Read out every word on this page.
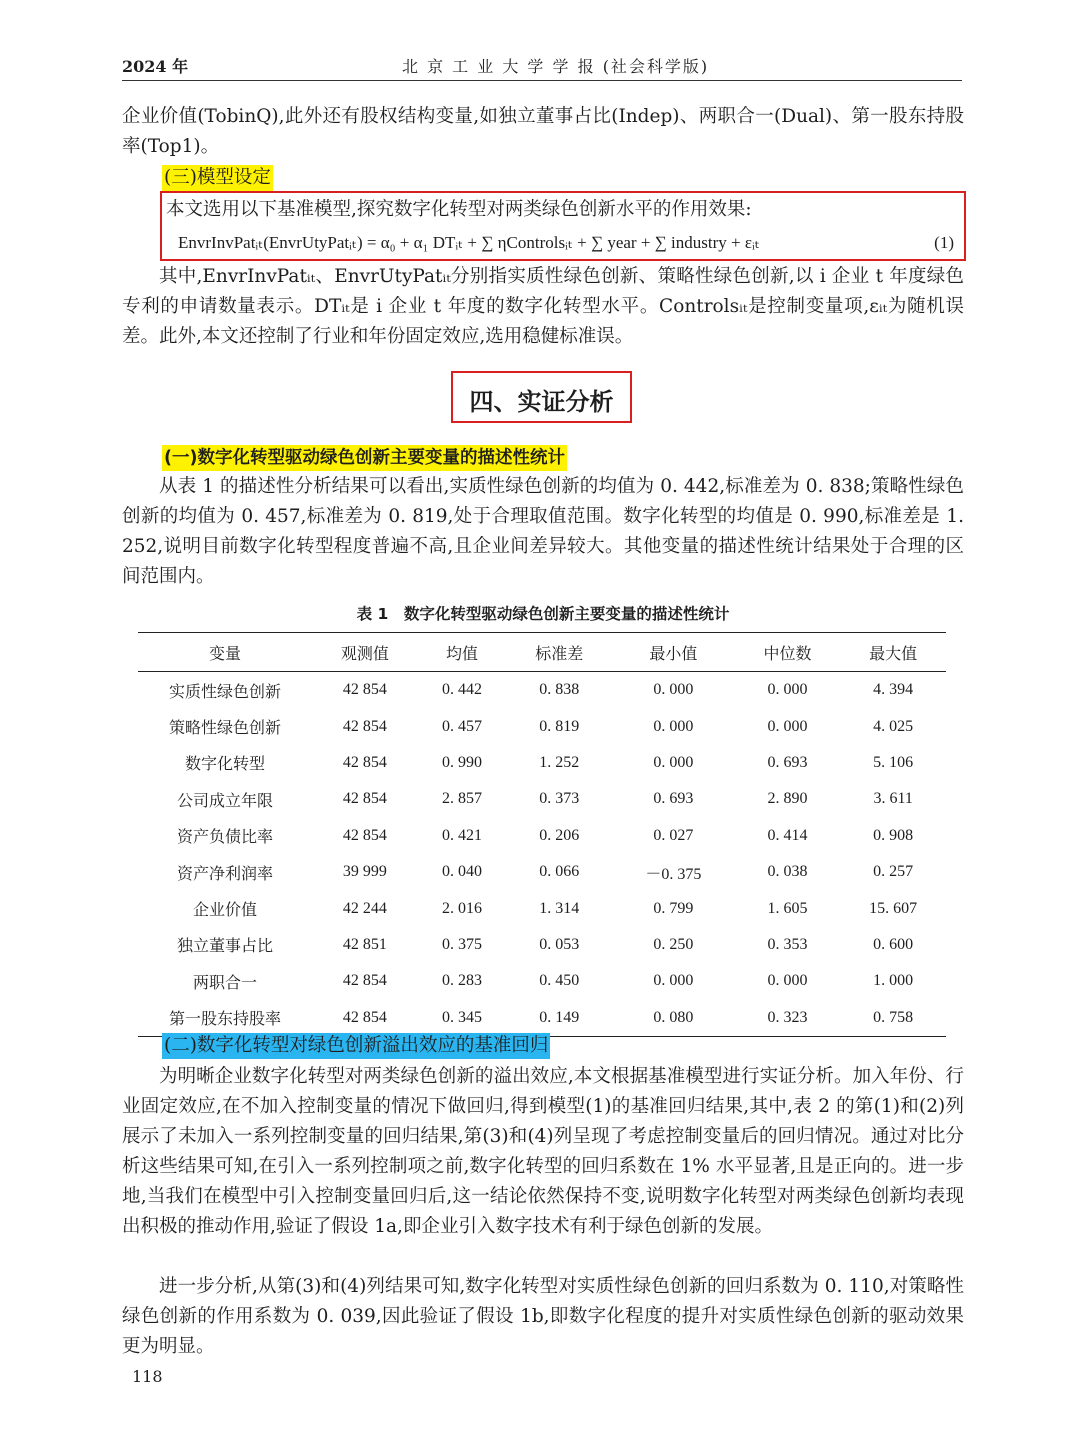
2024 年	北 京 工 业 大 学 学 报 (社会科学版)
企业价值(TobinQ),此外还有股权结构变量,如独立董事占比(Indep)、两职合一(Dual)、第一股东持股率(Top1)。
(三)模型设定
本文选用以下基准模型,探究数字化转型对两类绿色创新水平的作用效果:
EnvrInvPatᵢₜ(EnvrUtyPatᵢₜ) = α₀ + α₁ DTᵢₜ + ∑ ηControlsᵢₜ + ∑ year + ∑ industry + εᵢₜ	(1)
其中,EnvrInvPatᵢₜ、EnvrUtyPatᵢₜ分别指实质性绿色创新、策略性绿色创新,以 i 企业 t 年度绿色专利的申请数量表示。DTᵢₜ是 i 企业 t 年度的数字化转型水平。Controlsᵢₜ是控制变量项,εᵢₜ为随机误差。此外,本文还控制了行业和年份固定效应,选用稳健标准误。
四、实证分析
(一)数字化转型驱动绿色创新主要变量的描述性统计
从表 1 的描述性分析结果可以看出,实质性绿色创新的均值为 0. 442,标准差为 0. 838;策略性绿色创新的均值为 0. 457,标准差为 0. 819,处于合理取值范围。数字化转型的均值是 0. 990,标准差是 1. 252,说明目前数字化转型程度普遍不高,且企业间差异较大。其他变量的描述性统计结果处于合理的区间范围内。
表 1　数字化转型驱动绿色创新主要变量的描述性统计
变量	观测值	均值	标准差	最小值	中位数	最大值
实质性绿色创新	42 854	0. 442	0. 838	0. 000	0. 000	4. 394
策略性绿色创新	42 854	0. 457	0. 819	0. 000	0. 000	4. 025
数字化转型	42 854	0. 990	1. 252	0. 000	0. 693	5. 106
公司成立年限	42 854	2. 857	0. 373	0. 693	2. 890	3. 611
资产负债比率	42 854	0. 421	0. 206	0. 027	0. 414	0. 908
资产净利润率	39 999	0. 040	0. 066	－0. 375	0. 038	0. 257
企业价值	42 244	2. 016	1. 314	0. 799	1. 605	15. 607
独立董事占比	42 851	0. 375	0. 053	0. 250	0. 353	0. 600
两职合一	42 854	0. 283	0. 450	0. 000	0. 000	1. 000
第一股东持股率	42 854	0. 345	0. 149	0. 080	0. 323	0. 758
(二)数字化转型对绿色创新溢出效应的基准回归
为明晰企业数字化转型对两类绿色创新的溢出效应,本文根据基准模型进行实证分析。加入年份、行业固定效应,在不加入控制变量的情况下做回归,得到模型(1)的基准回归结果,其中,表 2 的第(1)和(2)列展示了未加入一系列控制变量的回归结果,第(3)和(4)列呈现了考虑控制变量后的回归情况。通过对比分析这些结果可知,在引入一系列控制项之前,数字化转型的回归系数在 1% 水平显著,且是正向的。进一步地,当我们在模型中引入控制变量回归后,这一结论依然保持不变,说明数字化转型对两类绿色创新均表现出积极的推动作用,验证了假设 1a,即企业引入数字技术有利于绿色创新的发展。
进一步分析,从第(3)和(4)列结果可知,数字化转型对实质性绿色创新的回归系数为 0. 110,对策略性绿色创新的作用系数为 0. 039,因此验证了假设 1b,即数字化程度的提升对实质性绿色创新的驱动效果更为明显。
118
